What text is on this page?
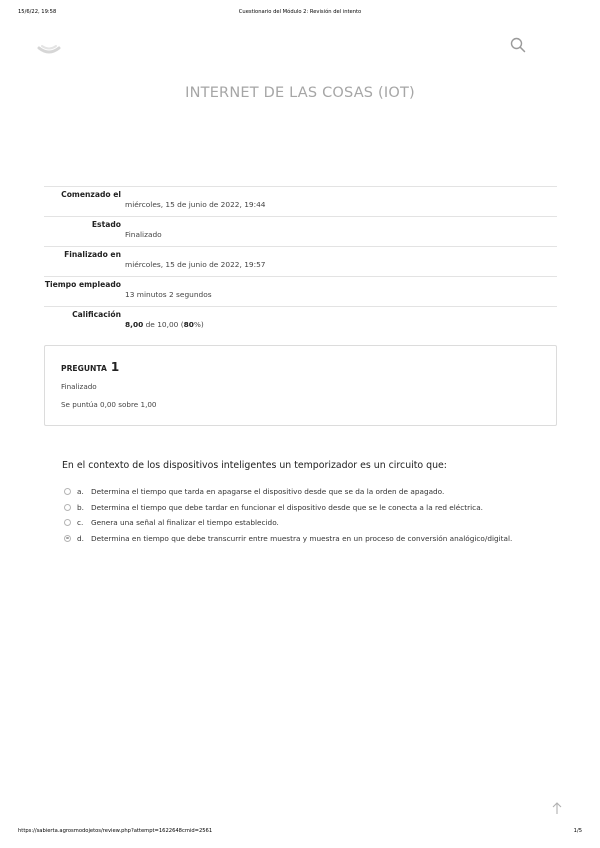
15/6/22, 19:58	Cuestionario del Módulo 2: Revisión del intento
INTERNET DE LAS COSAS (IOT)
Comenzado el
miércoles, 15 de junio de 2022, 19:44
Estado
Finalizado
Finalizado en
miércoles, 15 de junio de 2022, 19:57
Tiempo empleado
13 minutos 2 segundos
Calificación
8,00 de 10,00 (80%)
PREGUNTA 1
Finalizado
Se puntúa 0,00 sobre 1,00
En el contexto de los dispositivos inteligentes un temporizador es un circuito que:
a. Determina el tiempo que tarda en apagarse el dispositivo desde que se da la orden de apagado.
b. Determina el tiempo que debe tardar en funcionar el dispositivo desde que se le conecta a la red eléctrica.
c. Genera una señal al finalizar el tiempo establecido.
d. Determina en tiempo que debe transcurrir entre muestra y muestra en un proceso de conversión analógico/digital.
https://sabierta.agrosmodojetos/review.php?attempt=1622648cmid=2561	1/5
